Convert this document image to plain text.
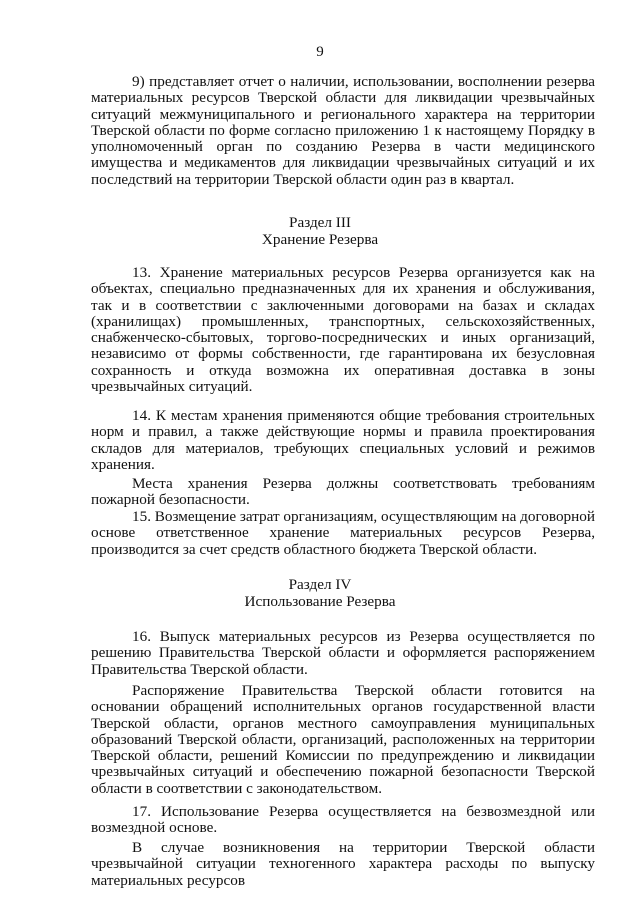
9

9) представляет отчет о наличии, использовании, восполнении резерва материальных ресурсов Тверской области для ликвидации чрезвычайных ситуаций межмуниципального и регионального характера на территории Тверской области по форме согласно приложению 1 к настоящему Порядку в уполномоченный орган по созданию Резерва в части медицинского имущества и медикаментов для ликвидации чрезвычайных ситуаций и их последствий на территории Тверской области один раз в квартал.

Раздел III

Хранение Резерва

13. Хранение материальных ресурсов Резерва организуется как на объектах, специально предназначенных для их хранения и обслуживания, так и в соответствии с заключенными договорами на базах и складах (хранилищах) промышленных, транспортных, сельскохозяйственных, снабженческо-сбытовых, торгово-посреднических и иных организаций, независимо от формы собственности, где гарантирована их безусловная сохранность и откуда возможна их оперативная доставка в зоны чрезвычайных ситуаций.

14. К местам хранения применяются общие требования строительных норм и правил, а также действующие нормы и правила проектирования складов для материалов, требующих специальных условий и режимов хранения.

Места хранения Резерва должны соответствовать требованиям пожарной безопасности.

15. Возмещение затрат организациям, осуществляющим на договорной основе ответственное хранение материальных ресурсов Резерва, производится за счет средств областного бюджета Тверской области.

Раздел IV

Использование Резерва

16. Выпуск материальных ресурсов из Резерва осуществляется по решению Правительства Тверской области и оформляется распоряжением Правительства Тверской области.

Распоряжение Правительства Тверской области готовится на основании обращений исполнительных органов государственной власти Тверской области, органов местного самоуправления муниципальных образований Тверской области, организаций, расположенных на территории Тверской области, решений Комиссии по предупреждению и ликвидации чрезвычайных ситуаций и обеспечению пожарной безопасности Тверской области в соответствии с законодательством.

17. Использование Резерва осуществляется на безвозмездной или возмездной основе.

В случае возникновения на территории Тверской области чрезвычайной ситуации техногенного характера расходы по выпуску материальных ресурсов
